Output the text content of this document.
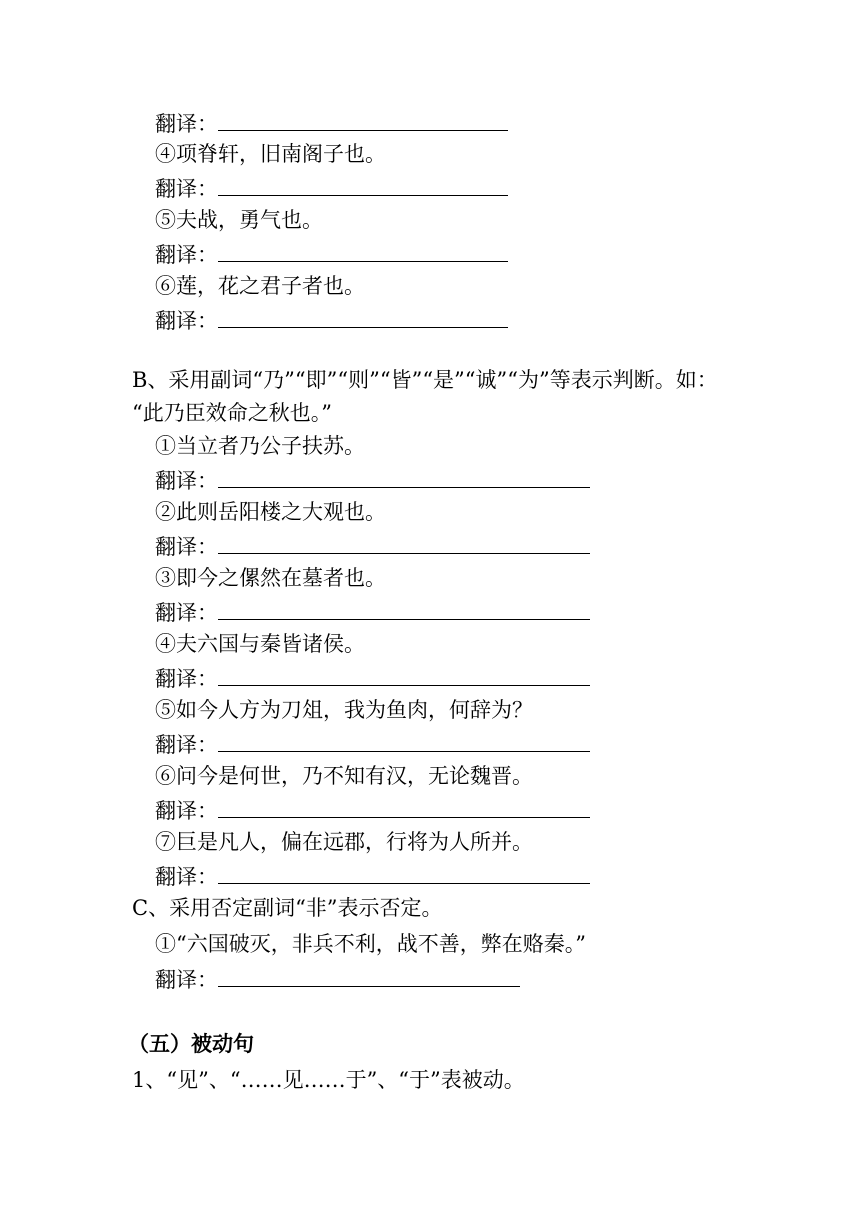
翻译：
④项脊轩，旧南阁子也。
翻译：
⑤夫战，勇气也。
翻译：
⑥莲，花之君子者也。
翻译：
B、采用副词“乃”“即”“则”“皆”“是”“诚”“为”等表示判断。如：
“此乃臣效命之秋也。”
①当立者乃公子扶苏。
翻译：
②此则岳阳楼之大观也。
翻译：
③即今之傫然在墓者也。
翻译：
④夫六国与秦皆诸侯。
翻译：
⑤如今人方为刀俎，我为鱼肉，何辞为？
翻译：
⑥问今是何世，乃不知有汉，无论魏晋。
翻译：
⑦巨是凡人，偏在远郡，行将为人所并。
翻译：
C、采用否定副词“非”表示否定。
①“六国破灭，非兵不利，战不善，弊在赂秦。”
翻译：
（五）被动句
1、“见”、“……见……于”、“于”表被动。
